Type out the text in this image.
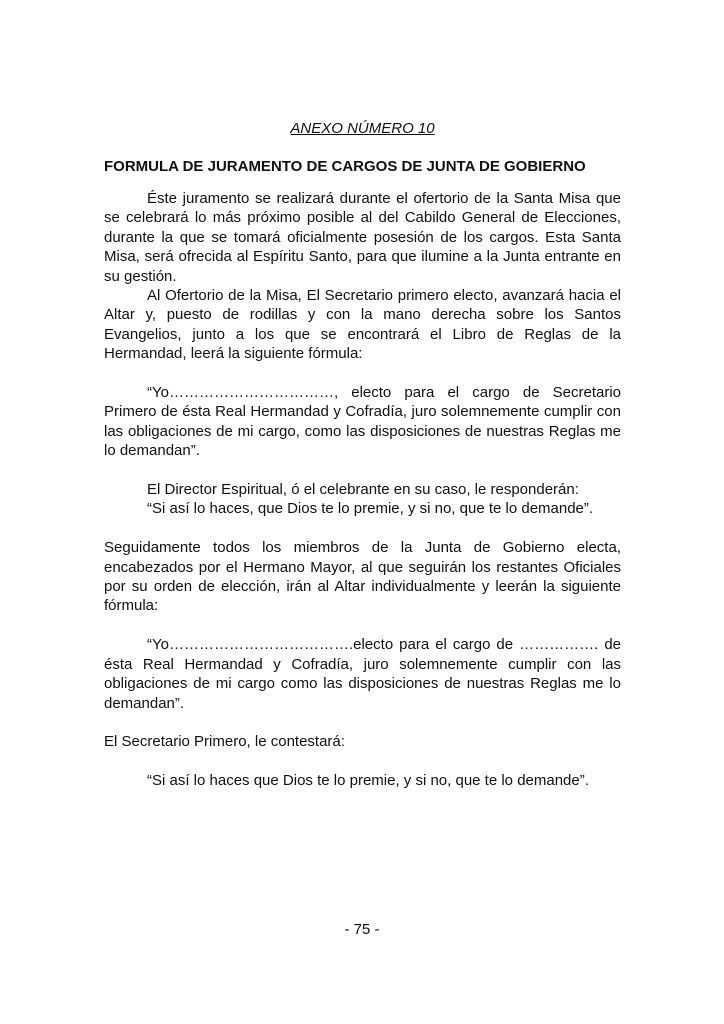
ANEXO NÚMERO 10
FORMULA DE JURAMENTO DE CARGOS DE JUNTA DE GOBIERNO

Éste juramento se realizará durante el ofertorio de la Santa Misa que se celebrará lo más próximo posible al del Cabildo General de Elecciones, durante la que se tomará oficialmente posesión de los cargos. Esta Santa Misa, será ofrecida al Espíritu Santo, para que ilumine a la Junta entrante en su gestión.

Al Ofertorio de la Misa, El Secretario primero electo, avanzará hacia el Altar y, puesto de rodillas y con la mano derecha sobre los Santos Evangelios, junto a los que se encontrará el Libro de Reglas de la Hermandad, leerá la siguiente fórmula:

“Yo……………………………, electo para el cargo de Secretario Primero de ésta Real Hermandad y Cofradía, juro solemnemente cumplir con las obligaciones de mi cargo, como las disposiciones de nuestras Reglas me lo demandan”.

El Director Espiritual, ó el celebrante en su caso, le responderán:

“Si así lo haces, que Dios te lo premie, y si no, que te lo demande”.

Seguidamente todos los miembros de la Junta de Gobierno electa, encabezados por el Hermano Mayor, al que seguirán los restantes Oficiales por su orden de elección, irán al Altar individualmente y leerán la siguiente fórmula:

“Yo……………………………….electo para el cargo de ……………. de ésta Real Hermandad y Cofradía, juro solemnemente cumplir con las obligaciones de mi cargo como las disposiciones de nuestras Reglas me lo demandan”.

El Secretario Primero, le contestará:

“Si así lo haces que Dios te lo premie, y si no, que te lo demande”.

- 75 -
